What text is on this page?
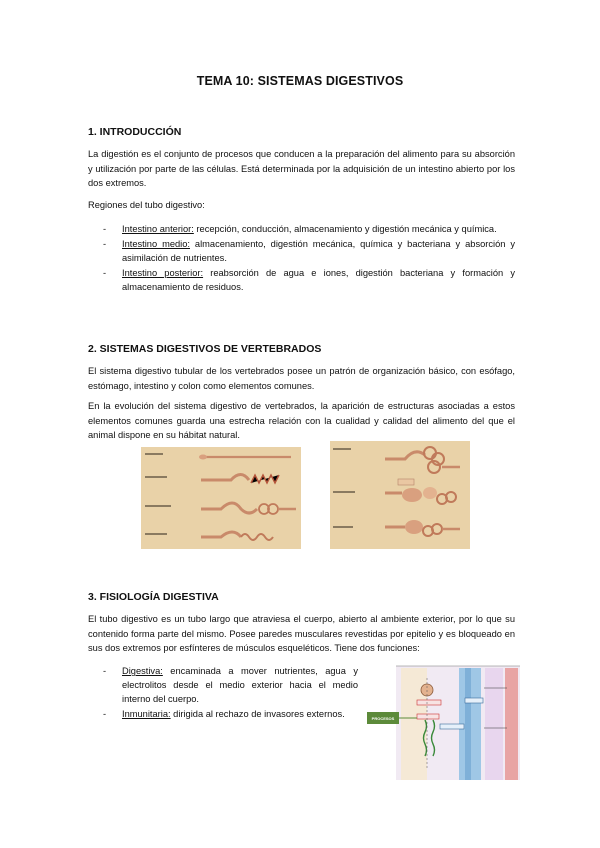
TEMA 10: SISTEMAS DIGESTIVOS
1. INTRODUCCIÓN

La digestión es el conjunto de procesos que conducen a la preparación del alimento para su absorción y utilización por parte de las células. Está determinada por la adquisición de un intestino abierto por los dos extremos.

Regiones del tubo digestivo:

- Intestino anterior: recepción, conducción, almacenamiento y digestión mecánica y química.
- Intestino medio: almacenamiento, digestión mecánica, química y bacteriana y absorción y asimilación de nutrientes.
- Intestino posterior: reabsorción de agua e iones, digestión bacteriana y formación y almacenamiento de residuos.
2. SISTEMAS DIGESTIVOS DE VERTEBRADOS

El sistema digestivo tubular de los vertebrados posee un patrón de organización básico, con esófago, estómago, intestino y colon como elementos comunes.

En la evolución del sistema digestivo de vertebrados, la aparición de estructuras asociadas a estos elementos comunes guarda una estrecha relación con la cualidad y calidad del alimento del que el animal dispone en su hábitat natural.

3. FISIOLOGÍA DIGESTIVA

El tubo digestivo es un tubo largo que atraviesa el cuerpo, abierto al ambiente exterior, por lo que su contenido forma parte del mismo. Posee paredes musculares revestidas por epitelio y es bloqueado en sus dos extremos por esfínteres de músculos esqueléticos. Tiene dos funciones:

- Digestiva: encaminada a mover nutrientes, agua y electrolitos desde el medio exterior hacia el medio interno del cuerpo.
- Inmunitaria: dirigida al rechazo de invasores externos.	PROCESOS
